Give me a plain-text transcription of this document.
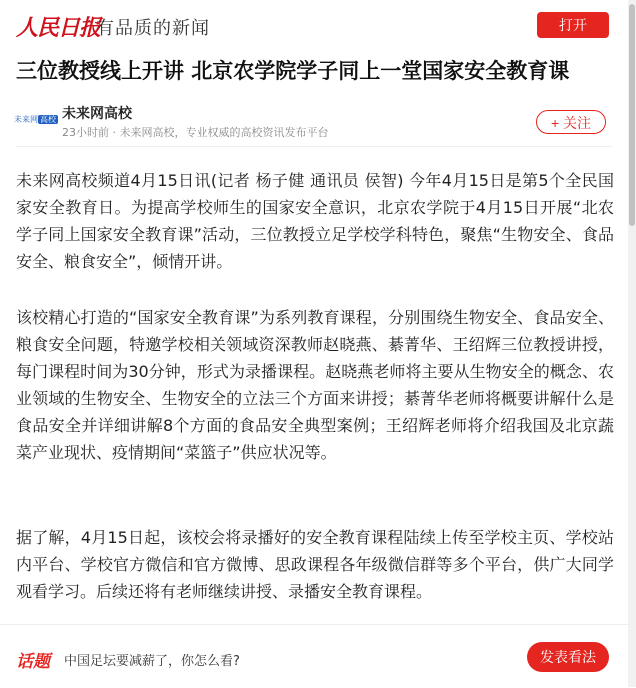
人民日报
有品质的新闻	打开
三位教授线上开讲 北京农学院学子同上一堂国家安全教育课
未来网 高校 未来网高校
23小时前 · 未来网高校，专业权威的高校资讯发布平台
+ 关注

未来网高校频道4月15日讯(记者 杨子健 通讯员 侯智) 今年4月15日是第5个全民国家安全教育日。为提高学校师生的国家安全意识，北京农学院于4月15日开展“北农学子同上国家安全教育课”活动，三位教授立足学校学科特色，聚焦“生物安全、食品安全、粮食安全”，倾情开讲。

该校精心打造的“国家安全教育课”为系列教育课程，分别围绕生物安全、食品安全、粮食安全问题，特邀学校相关领域资深教师赵晓燕、綦菁华、王绍辉三位教授讲授，每门课程时间为30分钟，形式为录播课程。赵晓燕老师将主要从生物安全的概念、农业领域的生物安全、生物安全的立法三个方面来讲授；綦菁华老师将概要讲解什么是食品安全并详细讲解8个方面的食品安全典型案例；王绍辉老师将介绍我国及北京蔬菜产业现状、疫情期间“菜篮子”供应状况等。

据了解，4月15日起，该校会将录播好的安全教育课程陆续上传至学校主页、学校站内平台、学校官方微信和官方微博、思政课程各年级微信群等多个平台，供广大同学观看学习。后续还将有老师继续讲授、录播安全教育课程。

话题 中国足坛要减薪了，你怎么看?	发表看法
